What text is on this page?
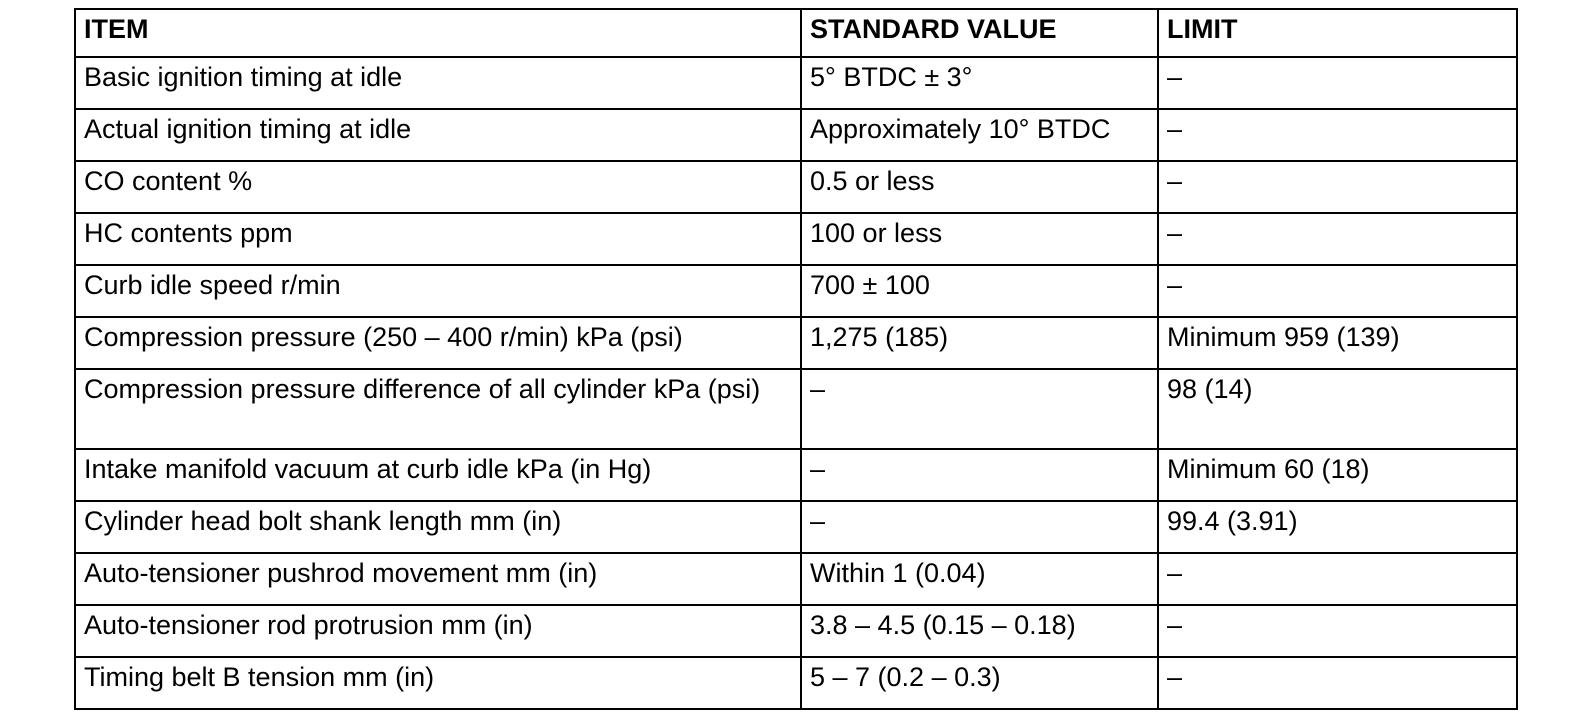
ITEM	STANDARD VALUE	LIMIT
Basic ignition timing at idle	5° BTDC ± 3°	–
Actual ignition timing at idle	Approximately 10° BTDC	–
CO content %	0.5 or less	–
HC contents ppm	100 or less	–
Curb idle speed r/min	700 ± 100	–
Compression pressure (250 – 400 r/min) kPa (psi)	1,275 (185)	Minimum 959 (139)
Compression pressure difference of all cylinder kPa (psi)	–	98 (14)
Intake manifold vacuum at curb idle kPa (in Hg)	–	Minimum 60 (18)
Cylinder head bolt shank length mm (in)	–	99.4 (3.91)
Auto-tensioner pushrod movement mm (in)	Within 1 (0.04)	–
Auto-tensioner rod protrusion mm (in)	3.8 – 4.5 (0.15 – 0.18)	–
Timing belt B tension mm (in)	5 – 7 (0.2 – 0.3)	–
